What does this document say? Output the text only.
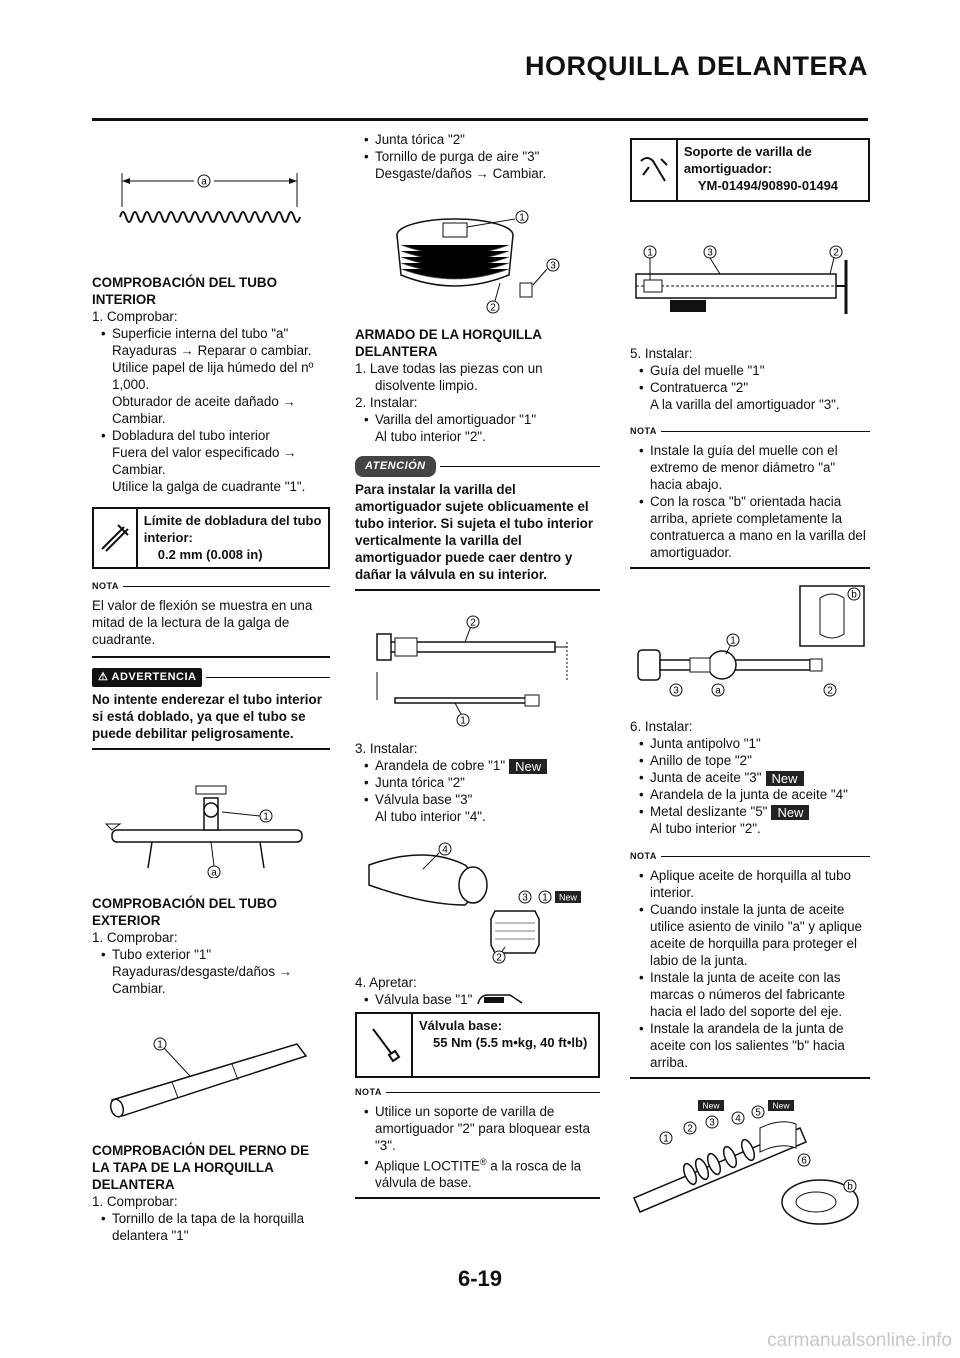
HORQUILLA DELANTERA
a
COMPROBACIÓN DEL TUBO INTERIOR
1. Comprobar:
• Superficie interna del tubo "a"
Rayaduras → Reparar o cambiar.
Utilice papel de lija húmedo del nº 1,000.
Obturador de aceite dañado → Cambiar.
• Dobladura del tubo interior
Fuera del valor especificado → Cambiar.
Utilice la galga de cuadrante "1".
Límite de dobladura del tubo interior:
0.2 mm (0.008 in)
NOTA
El valor de flexión se muestra en una mitad de la lectura de la galga de cuadrante.
⚠ ADVERTENCIA
No intente enderezar el tubo interior si está doblado, ya que el tubo se puede debilitar peligrosamente.
1
a
COMPROBACIÓN DEL TUBO EXTERIOR
1. Comprobar:
• Tubo exterior "1"
Rayaduras/desgaste/daños → Cambiar.
1
COMPROBACIÓN DEL PERNO DE LA TAPA DE LA HORQUILLA DELANTERA
1. Comprobar:
• Tornillo de la tapa de la horquilla delantera "1"
• Junta tórica "2"
• Tornillo de purga de aire "3"
Desgaste/daños → Cambiar.
1
3
2
ARMADO DE LA HORQUILLA DELANTERA
1. Lave todas las piezas con un disolvente limpio.
2. Instalar:
• Varilla del amortiguador "1"
Al tubo interior "2".
ATENCIÓN
Para instalar la varilla del amortiguador sujete oblicuamente el tubo interior. Si sujeta el tubo interior verticalmente la varilla del amortiguador puede caer dentro y dañar la válvula en su interior.
2
1
3. Instalar:
• Arandela de cobre "1" New
• Junta tórica "2"
• Válvula base "3"
Al tubo interior "4".
4
3 1 New
2
4. Apretar:
• Válvula base "1"
Válvula base:
55 Nm (5.5 m•kg, 40 ft•lb)
NOTA
• Utilice un soporte de varilla de amortiguador "2" para bloquear esta "3".
• Aplique LOCTITE® a la rosca de la válvula de base.
Soporte de varilla de amortiguador:
YM-01494/90890-01494
1	3	2
5. Instalar:
• Guía del muelle "1"
• Contratuerca "2"
A la varilla del amortiguador "3".
NOTA
• Instale la guía del muelle con el extremo de menor diámetro "a" hacia abajo.
• Con la rosca "b" orientada hacia arriba, apriete completamente la contratuerca a mano en la varilla del amortiguador.
b
1
3	a	2
6. Instalar:
• Junta antipolvo "1"
• Anillo de tope "2"
• Junta de aceite "3" New
• Arandela de la junta de aceite "4"
• Metal deslizante "5" New
Al tubo interior "2".
NOTA
• Aplique aceite de horquilla al tubo interior.
• Cuando instale la junta de aceite utilice asiento de vinilo "a" y aplique aceite de horquilla para proteger el labio de la junta.
• Instale la junta de aceite con las marcas o números del fabricante hacia el lado del soporte del eje.
• Instale la arandela de la junta de aceite con los salientes "b" hacia arriba.
New	New
1
2
3 4
5
6
b
6-19
carmanualsonline.info
